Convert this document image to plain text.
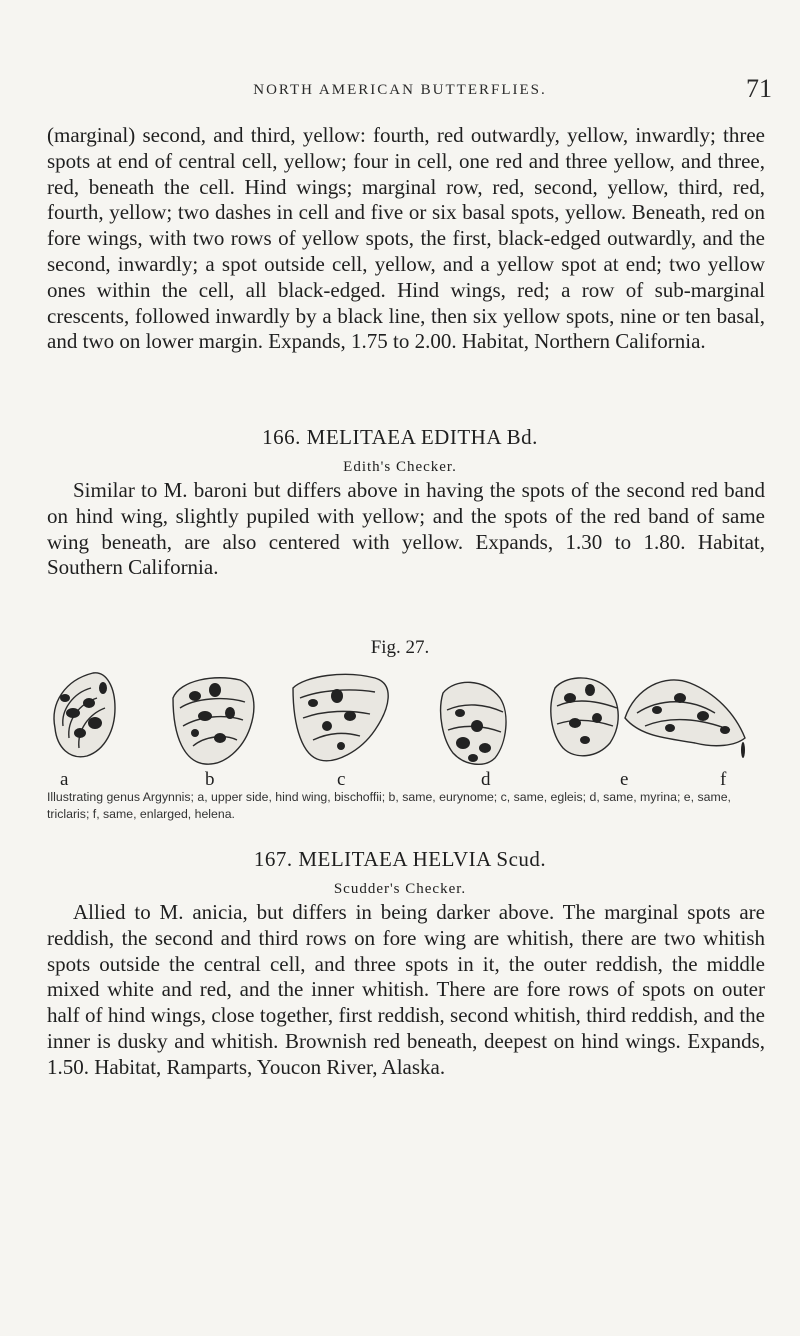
NORTH AMERICAN BUTTERFLIES.	71

(marginal) second, and third, yellow: fourth, red outwardly, yellow, inwardly; three spots at end of central cell, yellow; four in cell, one red and three yellow, and three, red, beneath the cell. Hind wings; marginal row, red, second, yellow, third, red, fourth, yellow; two dashes in cell and five or six basal spots, yellow. Beneath, red on fore wings, with two rows of yellow spots, the first, black-edged outwardly, and the second, inwardly; a spot outside cell, yellow, and a yellow spot at end; two yellow ones within the cell, all black-edged. Hind wings, red; a row of sub-marginal crescents, followed inwardly by a black line, then six yellow spots, nine or ten basal, and two on lower margin. Expands, 1.75 to 2.00. Habitat, Northern California.

166. MELITAEA EDITHA Bd.
Edith's Checker.

Similar to M. baroni but differs above in having the spots of the second red band on hind wing, slightly pupiled with yellow; and the spots of the red band of same wing beneath, are also centered with yellow. Expands, 1.30 to 1.80. Habitat, Southern California.

Fig. 27.
a	b	c	d	e	f
Illustrating genus Argynnis; a, upper side, hind wing, bischoffii; b, same, eurynome; c, same, egleis; d, same, myrina; e, same, triclaris; f, same, enlarged, helena.
167. MELITAEA HELVIA Scud.
Scudder's Checker.

Allied to M. anicia, but differs in being darker above. The marginal spots are reddish, the second and third rows on fore wing are whitish, there are two whitish spots outside the central cell, and three spots in it, the outer reddish, the middle mixed white and red, and the inner whitish. There are fore rows of spots on outer half of hind wings, close together, first reddish, second whitish, third reddish, and the inner is dusky and whitish. Brownish red beneath, deepest on hind wings. Expands, 1.50. Habitat, Ramparts, Youcon River, Alaska.
